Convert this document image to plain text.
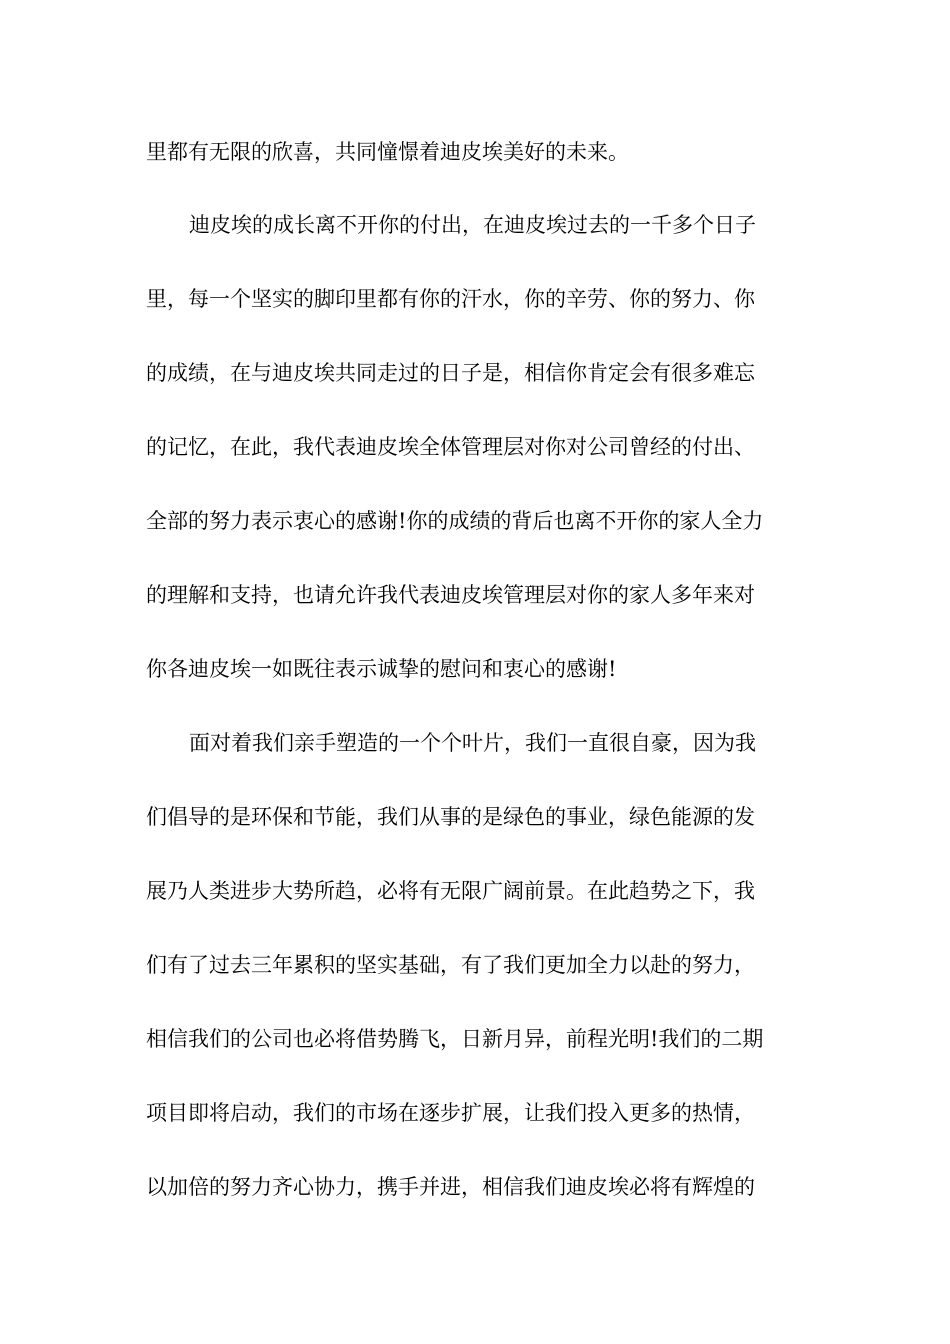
里都有无限的欣喜，共同憧憬着迪皮埃美好的未来。
迪皮埃的成长离不开你的付出，在迪皮埃过去的一千多个日子
里，每一个坚实的脚印里都有你的汗水，你的辛劳、你的努力、你
的成绩，在与迪皮埃共同走过的日子是，相信你肯定会有很多难忘
的记忆，在此，我代表迪皮埃全体管理层对你对公司曾经的付出、
全部的努力表示衷心的感谢!你的成绩的背后也离不开你的家人全力
的理解和支持，也请允许我代表迪皮埃管理层对你的家人多年来对
你各迪皮埃一如既往表示诚挚的慰问和衷心的感谢!
面对着我们亲手塑造的一个个叶片，我们一直很自豪，因为我
们倡导的是环保和节能，我们从事的是绿色的事业，绿色能源的发
展乃人类进步大势所趋，必将有无限广阔前景。在此趋势之下，我
们有了过去三年累积的坚实基础，有了我们更加全力以赴的努力，
相信我们的公司也必将借势腾飞，日新月异，前程光明!我们的二期
项目即将启动，我们的市场在逐步扩展，让我们投入更多的热情，
以加倍的努力齐心协力，携手并进，相信我们迪皮埃必将有辉煌的
